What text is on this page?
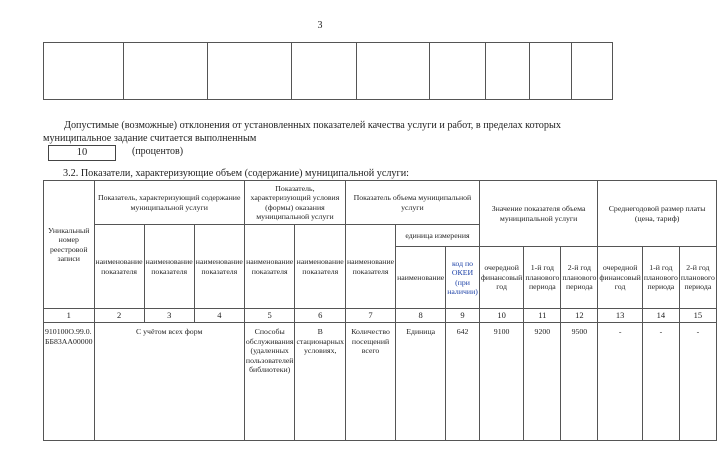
3

Допустимые (возможные) отклонения от установленных показателей качества услуги и работ, в пределах которых
муниципальное задание считается выполненным
10	(процентов)
3.2. Показатели, характеризующие объем (содержание) муниципальной услуги:
Уникальный номер реестровой записи	Показатель, характеризующий содержание муниципальной услуги			Показатель, характеризующий условия (формы) оказания муниципальной услуги		Показатель объема муниципальной услуги			Значение показателя объема муниципальной услуги			Среднегодовой размер платы (цена, тариф)		
	наименование показателя	наименование показателя	наименование показателя	наименование показателя	наименование показателя	наименование показателя	единица измерения							
							наименование	код по ОКЕИ (при наличии)	очередной финансовый год	1-й год планового периода	2-й год планового периода	очередной финансовый год	1-й год планового периода	2-й год планового периода
1	2	3	4	5	6	7	8	9	10	11	12	13	14	15
910100О.99.0. ББ83АА00000	С учётом всех форм			Способы обслуживания (удаленных пользователей библиотеки)	В стационарных условиях,	Количество посещений всего	Единица	642	9100	9200	9500	-	-	-
